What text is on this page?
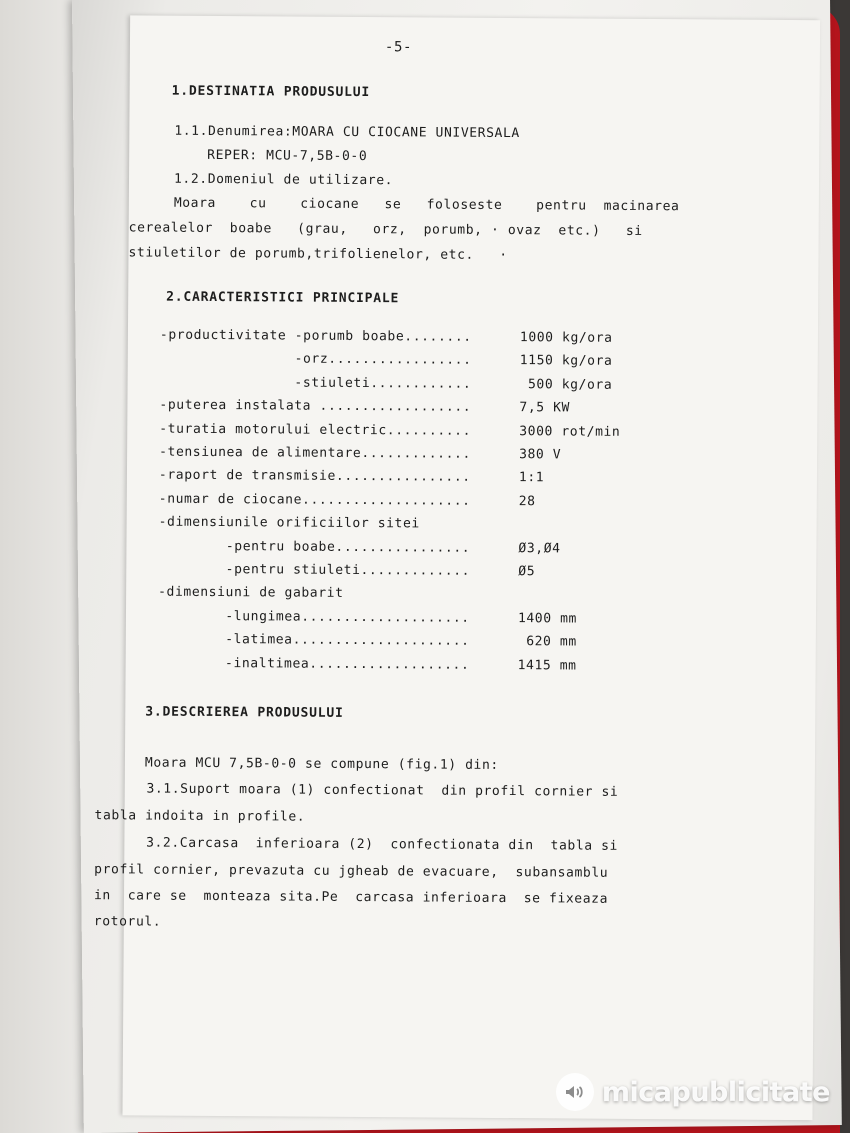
-5-
1.DESTINATIA PRODUSULUI
1.1.Denumirea:MOARA CU CIOCANE UNIVERSALA
REPER: MCU-7,5B-0-0
1.2.Domeniul de utilizare.
Moara    cu    ciocane   se   foloseste    pentru  macinarea
cerealelor  boabe   (grau,   orz,  porumb, · ovaz  etc.)   si
stiuletilor de porumb,trifolienelor, etc.   ·
2.CARACTERISTICI PRINCIPALE
-productivitate -porumb boabe........	1000 kg/ora
-orz.................	1150 kg/ora
-stiuleti............	500 kg/ora
-puterea instalata ..................	7,5 KW
-turatia motorului electric..........	3000 rot/min
-tensiunea de alimentare.............	380 V
-raport de transmisie................	1:1
-numar de ciocane....................	28
-dimensiunile orificiilor sitei
-pentru boabe................	Ø3,Ø4
-pentru stiuleti.............	Ø5
-dimensiuni de gabarit
-lungimea....................	1400 mm
-latimea.....................	620 mm
-inaltimea...................	1415 mm
3.DESCRIEREA PRODUSULUI
Moara MCU 7,5B-0-0 se compune (fig.1) din:
3.1.Suport moara (1) confectionat  din profil cornier si
tabla indoita in profile.
3.2.Carcasa  inferioara (2)  confectionata din  tabla si
profil cornier, prevazuta cu jgheab de evacuare,  subansamblu
in  care se  monteaza sita.Pe  carcasa inferioara  se fixeaza
rotorul.
micapublicitate
